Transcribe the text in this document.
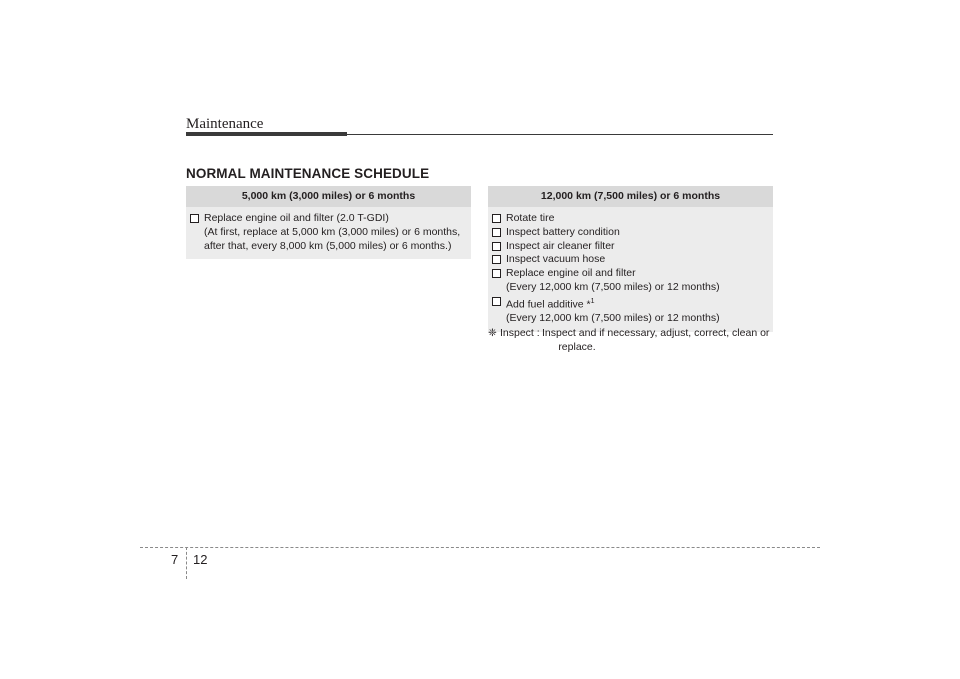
Maintenance
NORMAL MAINTENANCE SCHEDULE
5,000 km (3,000 miles) or 6 months
Replace engine oil and filter (2.0 T-GDI)
(At first, replace at 5,000 km (3,000 miles) or 6 months,
after that, every 8,000 km (5,000 miles) or 6 months.)
12,000 km (7,500 miles) or 6 months
Rotate tire
Inspect battery condition
Inspect air cleaner filter
Inspect vacuum hose
Replace engine oil and filter
(Every 12,000 km (7,500 miles) or 12 months)
Add fuel additive *$^1$
(Every 12,000 km (7,500 miles) or 12 months)
❈ Inspect : Inspect and if necessary, adjust, correct, clean or
replace.
7 12
